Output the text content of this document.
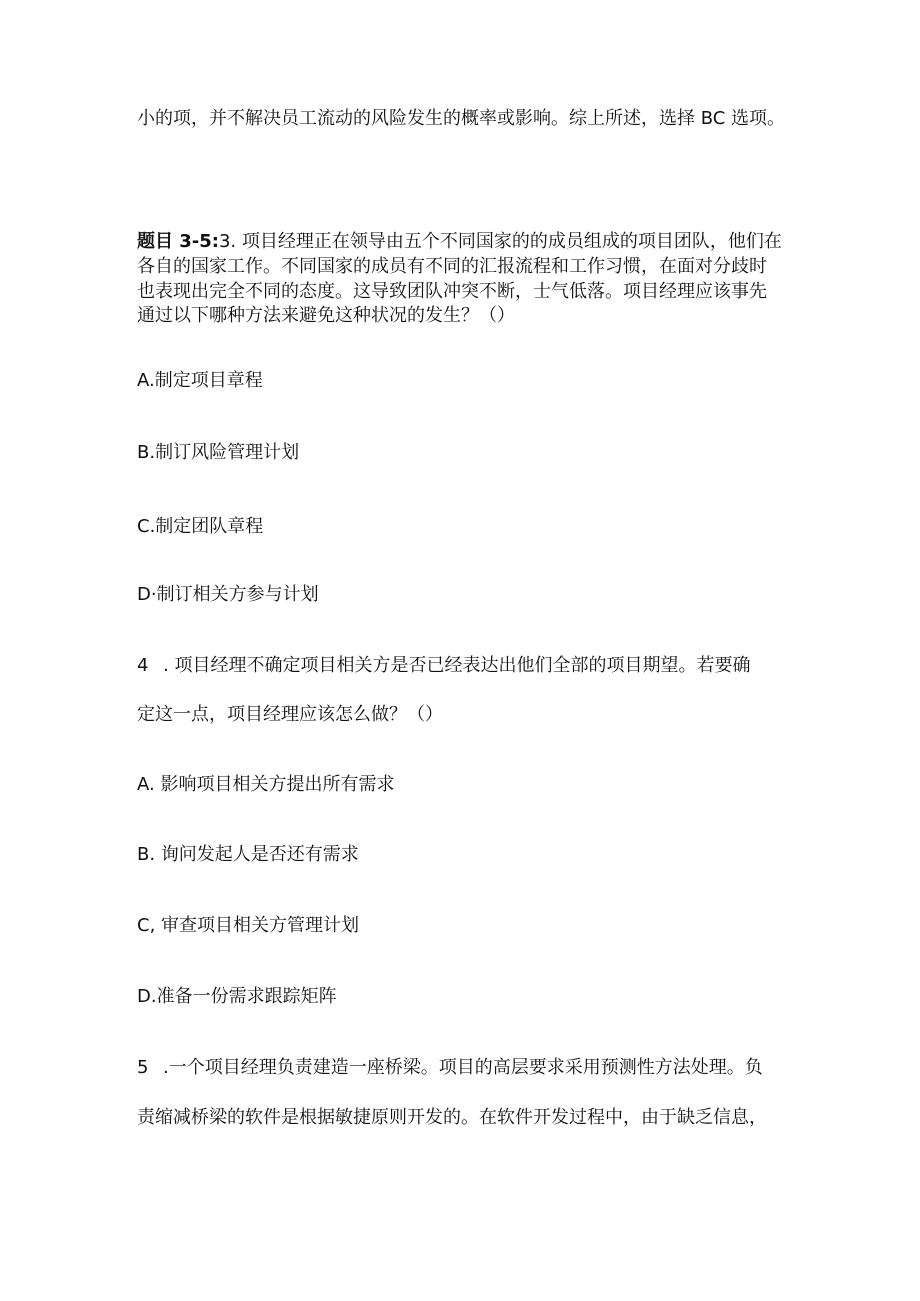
小的项，并不解决员工流动的风险发生的概率或影响。综上所述，选择 BC 选项。

题目 3-5:3. 项目经理正在领导由五个不同国家的的成员组成的项目团队，他们在

各自的国家工作。不同国家的成员有不同的汇报流程和工作习惯，在面对分歧时

也表现出完全不同的态度。这导致团队冲突不断，士气低落。项目经理应该事先

通过以下哪种方法来避免这种状况的发生？（）

A.制定项目章程

B.制订风险管理计划

C.制定团队章程

D·制订相关方参与计划

4 . 项目经理不确定项目相关方是否已经表达出他们全部的项目期望。若要确

定这一点，项目经理应该怎么做？（）

A. 影响项目相关方提出所有需求

B. 询问发起人是否还有需求

C, 审查项目相关方管理计划

D.准备一份需求跟踪矩阵

5 .一个项目经理负责建造一座桥梁。项目的高层要求采用预测性方法处理。负

责缩减桥梁的软件是根据敏捷原则开发的。在软件开发过程中，由于缺乏信息，
